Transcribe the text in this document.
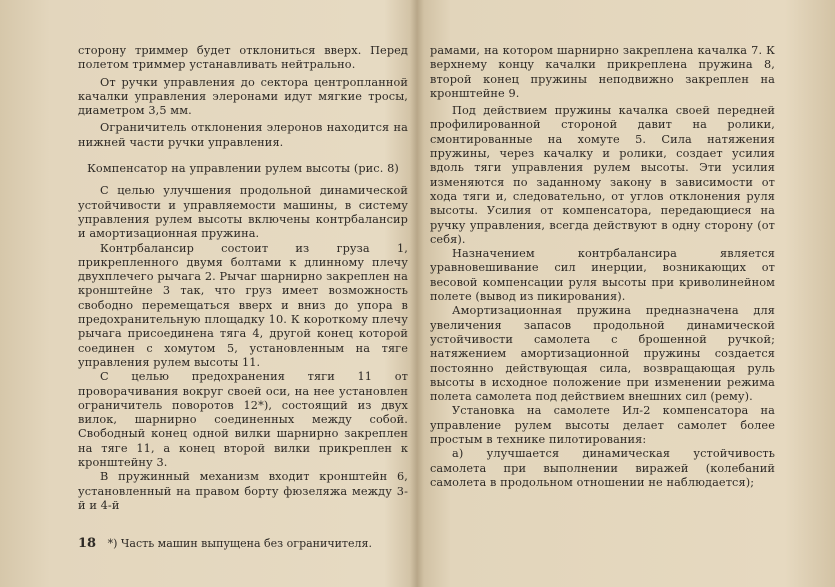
сторону триммер будет отклониться вверх. Перед полетом триммер устанавливать нейтрально.

От ручки управления до сектора центропланной качалки управления элеронами идут мягкие тросы, диаметром 3,5 мм.

Ограничитель отклонения элеронов находится на нижней части ручки управления.

Компенсатор на управлении рулем высоты (рис. 8)

С целью улучшения продольной динамической устойчивости и управляемости машины, в систему управления рулем высоты включены контрбалансир и амортизационная пружина.

Контрбалансир состоит из груза 1, прикрепленного двумя болтами к длинному плечу двухплечего рычага 2. Рычаг шарнирно закреплен на кронштейне 3 так, что груз имеет возможность свободно перемещаться вверх и вниз до упора в предохранительную площадку 10. К короткому плечу рычага присоединена тяга 4, другой конец которой соединен с хомутом 5, установленным на тяге управления рулем высоты 11.

С целью предохранения тяги 11 от проворачивания вокруг своей оси, на нее установлен ограничитель поворотов 12*), состоящий из двух вилок, шарнирно соединенных между собой. Свободный конец одной вилки шарнирно закреплен на тяге 11, а конец второй вилки прикреплен к кронштейну 3.

В пружинный механизм входит кронштейн 6, установленный на правом борту фюзеляжа между 3-й и 4-й

18 *) Часть машин выпущена без ограничителя.

рамами, на котором шарнирно закреплена качалка 7. К верхнему концу качалки прикреплена пружина 8, второй конец пружины неподвижно закреплен на кронштейне 9.

Под действием пружины качалка своей передней профилированной стороной давит на ролики, смонтированные на хомуте 5. Сила натяжения пружины, через качалку и ролики, создает усилия вдоль тяги управления рулем высоты. Эти усилия изменяются по заданному закону в зависимости от хода тяги и, следовательно, от углов отклонения руля высоты. Усилия от компенсатора, передающиеся на ручку управления, всегда действуют в одну сторону (от себя).

Назначением контрбалансира является уравновешивание сил инерции, возникающих от весовой компенсации руля высоты при криволинейном полете (вывод из пикирования).

Амортизационная пружина предназначена для увеличения запасов продольной динамической устойчивости самолета с брошенной ручкой; натяжением амортизационной пружины создается постоянно действующая сила, возвращающая руль высоты в исходное положение при изменении режима полета самолета под действием внешних сил (рему).

Установка на самолете Ил-2 компенсатора на управление рулем высоты делает самолет более простым в технике пилотирования:

а) улучшается динамическая устойчивость самолета при выполнении виражей (колебаний самолета в продольном отношении не наблюдается);
